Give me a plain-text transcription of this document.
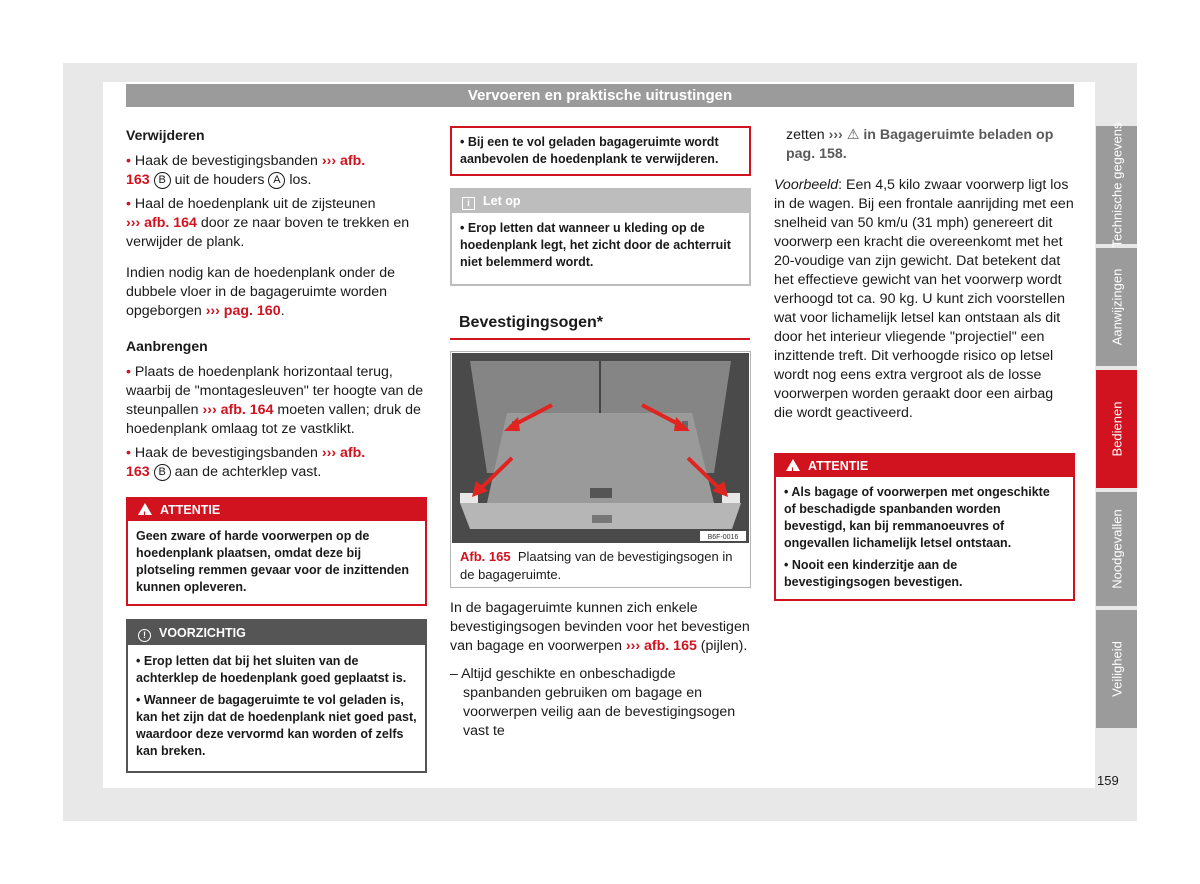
Vervoeren en praktische uitrustingen
Verwijderen

• Haak de bevestigingsbanden ››› afb.
163 B uit de houders A los.

• Haal de hoedenplank uit de zijsteunen
››› afb. 164 door ze naar boven te trekken en verwijder de plank.

Indien nodig kan de hoedenplank onder de dubbele vloer in de bagageruimte worden opgeborgen ››› pag. 160.

Aanbrengen

• Plaats de hoedenplank horizontaal terug, waarbij de "montagesleuven" ter hoogte van de steunpallen ››› afb. 164 moeten vallen; druk de hoedenplank omlaag tot ze vastklikt.

• Haak de bevestigingsbanden ››› afb.
163 B aan de achterklep vast.

!ATTENTIE

Geen zware of harde voorwerpen op de hoedenplank plaatsen, omdat deze bij plotseling remmen gevaar voor de inzittenden kunnen opleveren.

! VOORZICHTIG

• Erop letten dat bij het sluiten van de achterklep de hoedenplank goed geplaatst is.

• Wanneer de bagageruimte te vol geladen is, kan het zijn dat de hoedenplank niet goed past, waardoor deze vervormd kan worden of zelfs kan breken.

• Bij een te vol geladen bagageruimte wordt aanbevolen de hoedenplank te verwijderen.

i Let op

• Erop letten dat wanneer u kleding op de hoedenplank legt, het zicht door de achterruit niet belemmerd wordt.

Bevestigingsogen*
B6F-0016
Afb. 165 Plaatsing van de bevestigingsogen in de bagageruimte.

In de bagageruimte kunnen zich enkele bevestigingsogen bevinden voor het bevestigen van bagage en voorwerpen ››› afb. 165 (pijlen).

– Altijd geschikte en onbeschadigde spanbanden gebruiken om bagage en voorwerpen veilig aan de bevestigingsogen vast te

zetten ››› ⚠ in Bagageruimte beladen op pag. 158.

Voorbeeld: Een 4,5 kilo zwaar voorwerp ligt los in de wagen. Bij een frontale aanrijding met een snelheid van 50 km/u (31 mph) genereert dit voorwerp een kracht die overeenkomt met het 20-voudige van zijn gewicht. Dat betekent dat het effectieve gewicht van het voorwerp wordt verhoogd tot ca. 90 kg. U kunt zich voorstellen wat voor lichamelijk letsel kan ontstaan als dit door het interieur vliegende "projectiel" een inzittende treft. Dit verhoogde risico op letsel wordt nog eens extra vergroot als de losse voorwerpen worden geraakt door een airbag die wordt geactiveerd.

!ATTENTIE

• Als bagage of voorwerpen met ongeschikte of beschadigde spanbanden worden bevestigd, kan bij remmanoeuvres of ongevallen lichamelijk letsel ontstaan.

• Nooit een kinderzitje aan de bevestigingsogen bevestigen.

Technische gegevens
Aanwijzingen
Bedienen
Noodgevallen
Veiligheid
159
